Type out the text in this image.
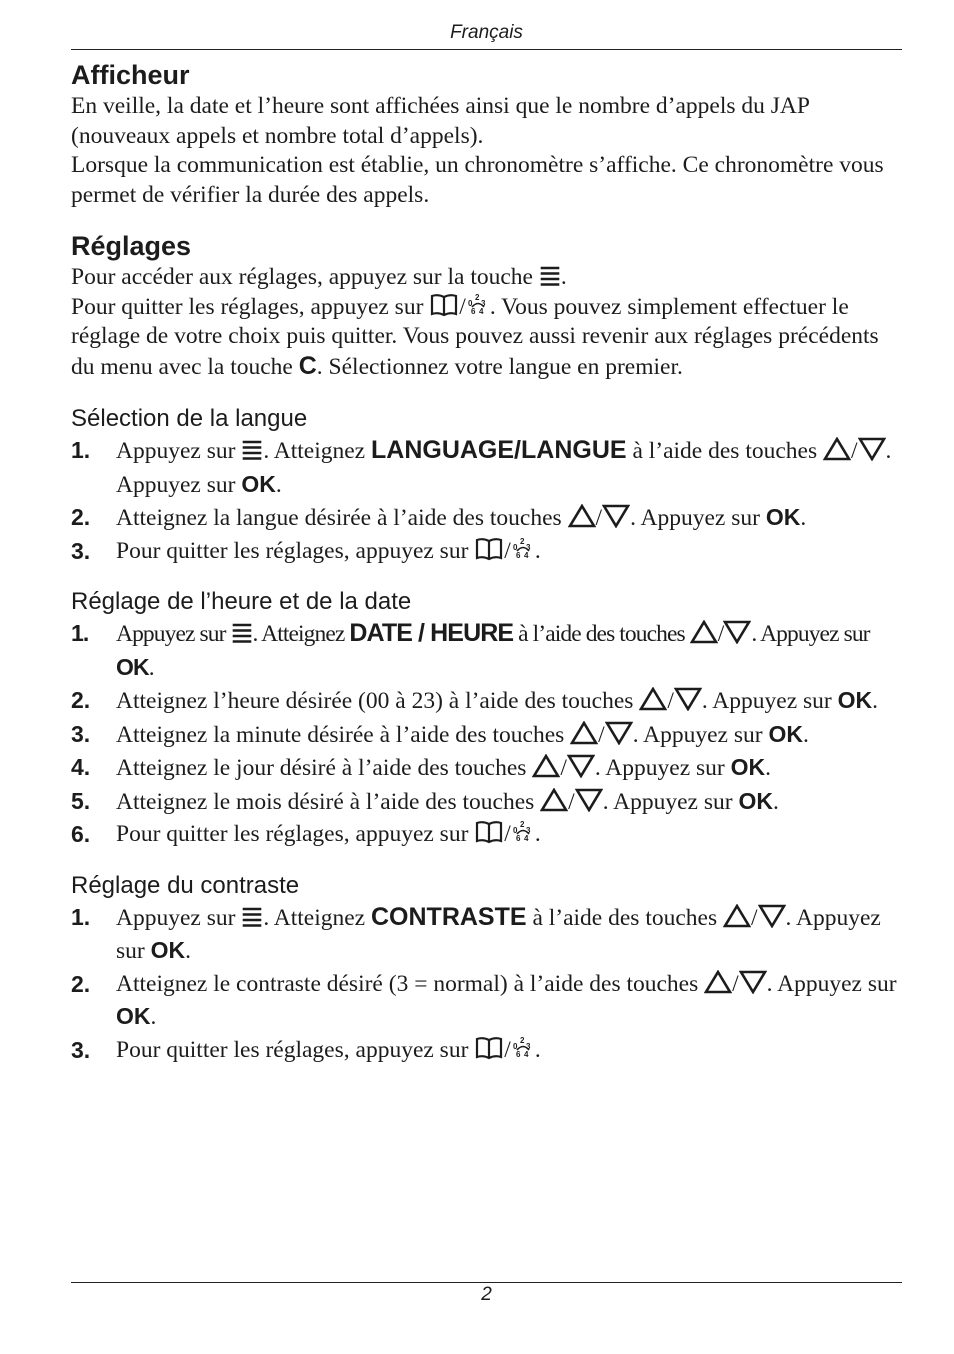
Français
Afficheur

En veille, la date et l’heure sont affichées ainsi que le nombre d’appels du JAP (nouveaux appels et nombre total d’appels).

Lorsque la communication est établie, un chronomètre s’affiche. Ce chronomètre vous permet de vérifier la durée des appels.

Réglages

Pour accéder aux réglages, appuyez sur la touche
.

Pour quitter les réglages, appuyez sur
/ 2
0 3
6 4 . Vous pouvez simplement effectuer le réglage de votre choix puis quitter. Vous pouvez aussi revenir aux réglages précédents du menu avec la touche C. Sélectionnez votre langue en premier.

Sélection de la langue
1. Appuyez sur
. Atteignez LANGUAGE/LANGUE à l’aide des touches
/ . Appuyez sur OK.
2. Atteignez la langue désirée à l’aide des touches
/ . Appuyez sur OK.
3. Pour quitter les réglages, appuyez sur
/ 2
0 3
6 4 .
Réglage de l’heure et de la date
1. Appuyez sur
. Atteignez DATE / HEURE à l’aide des touches
/ . Appuyez sur OK.
2. Atteignez l’heure désirée (00 à 23) à l’aide des touches
/ . Appuyez sur OK.
3. Atteignez la minute désirée à l’aide des touches
/ . Appuyez sur OK.
4. Atteignez le jour désiré à l’aide des touches
/ . Appuyez sur OK.
5. Atteignez le mois désiré à l’aide des touches
/ . Appuyez sur OK.
6. Pour quitter les réglages, appuyez sur
/ 2
0 3
6 4 .
Réglage du contraste
1. Appuyez sur
. Atteignez CONTRASTE à l’aide des touches
/ . Appuyez sur OK.
2. Atteignez le contraste désiré (3 = normal) à l’aide des touches
/ . Appuyez sur OK.
3. Pour quitter les réglages, appuyez sur
/ 2
0 3
6 4 .
2
